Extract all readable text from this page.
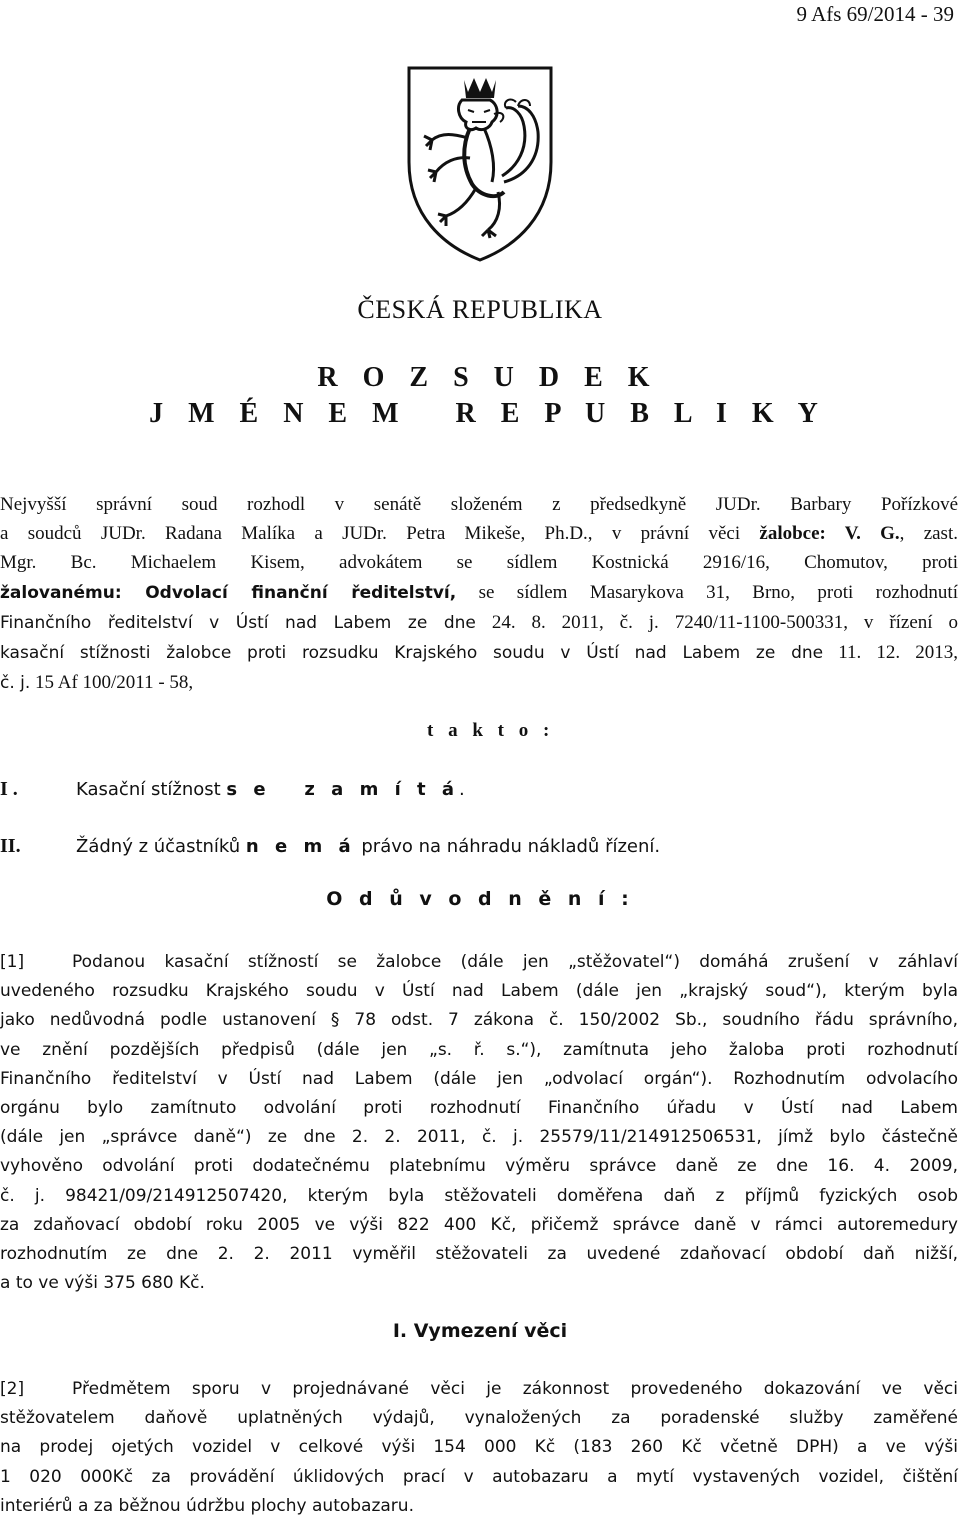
9 Afs 69/2014 - 39
ČESKÁ REPUBLIKA
R O Z S U D E K
J M É N E M   R E P U B L I K Y
Nejvyšší správní soud rozhodl v senátě složeném z předsedkyně JUDr. Barbary Pořízkové
a soudců JUDr. Radana Malíka a JUDr. Petra Mikeše, Ph.D., v právní věci žalobce: V. G., zast.
Mgr. Bc. Michaelem Kisem, advokátem se sídlem Kostnická 2916/16, Chomutov, proti
žalovanému: Odvolací finanční ředitelství, se sídlem Masarykova 31, Brno, proti rozhodnutí
Finančního ředitelství v Ústí nad Labem ze dne 24. 8. 2011, č. j. 7240/11-1100-500331, v řízení o
kasační stížnosti žalobce proti rozsudku Krajského soudu v Ústí nad Labem ze dne 11. 12. 2013,
č. j. 15 Af 100/2011 - 58,
t a k t o :
I .	Kasační stížnost s e   z a m í t á.
II.	Žádný z účastníků n e m á právo na náhradu nákladů řízení.
O d ů v o d n ě n í :
[1]	Podanou kasační stížností se žalobce (dále jen „stěžovatel“) domáhá zrušení v záhlaví
uvedeného rozsudku Krajského soudu v Ústí nad Labem (dále jen „krajský soud“), kterým byla
jako nedůvodná podle ustanovení § 78 odst. 7 zákona č. 150/2002 Sb., soudního řádu správního,
ve znění pozdějších předpisů (dále jen „s. ř. s.“), zamítnuta jeho žaloba proti rozhodnutí
Finančního ředitelství v Ústí nad Labem (dále jen „odvolací orgán“). Rozhodnutím odvolacího
orgánu bylo zamítnuto odvolání proti rozhodnutí Finančního úřadu v Ústí nad Labem
(dále jen „správce daně“) ze dne 2. 2. 2011, č. j. 25579/11/214912506531, jímž bylo částečně
vyhověno odvolání proti dodatečnému platebnímu výměru správce daně ze dne 16. 4. 2009,
č. j. 98421/09/214912507420, kterým byla stěžovateli doměřena daň z příjmů fyzických osob
za zdaňovací období roku 2005 ve výši 822 400 Kč, přičemž správce daně v rámci autoremedury
rozhodnutím ze dne 2. 2. 2011 vyměřil stěžovateli za uvedené zdaňovací období daň nižší,
a to ve výši 375 680 Kč.
I. Vymezení věci
[2]	Předmětem sporu v projednávané věci je zákonnost provedeného dokazování ve věci
stěžovatelem daňově uplatněných výdajů, vynaložených za poradenské služby zaměřené
na prodej ojetých vozidel v celkové výši 154 000 Kč (183 260 Kč včetně DPH) a ve výši
1 020 000Kč za provádění úklidových prací v autobazaru a mytí vystavených vozidel, čištění
interiérů a za běžnou údržbu plochy autobazaru.
